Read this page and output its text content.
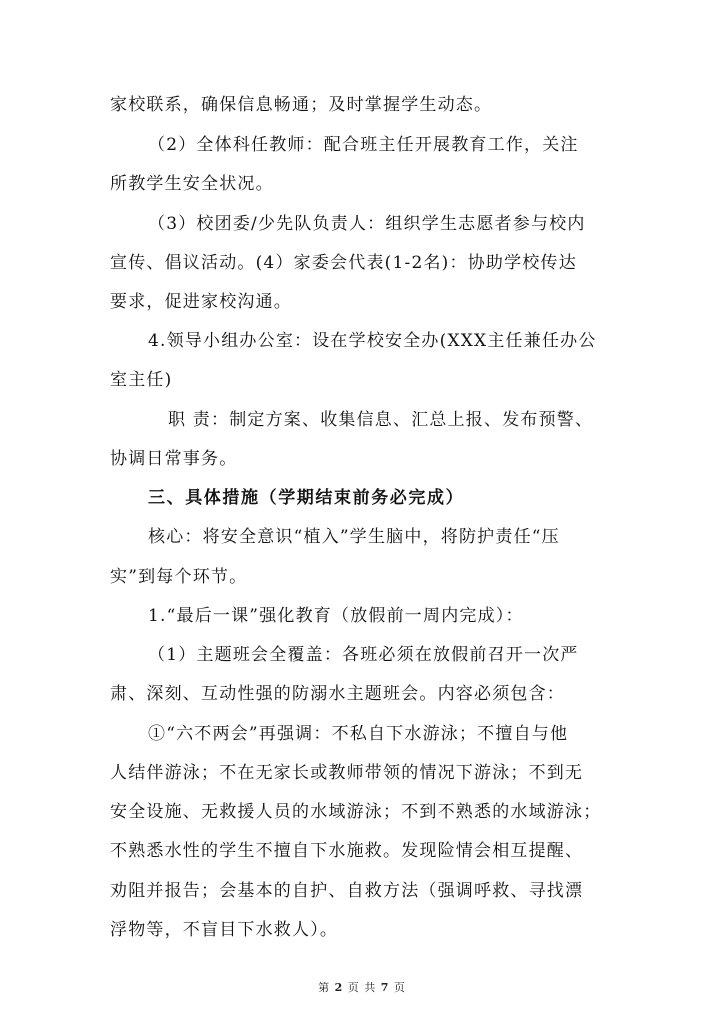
家校联系，确保信息畅通；及时掌握学生动态。
（2）全体科任教师：配合班主任开展教育工作，关注
所教学生安全状况。
（3）校团委/少先队负责人：组织学生志愿者参与校内
宣传、倡议活动。(4）家委会代表(1-2名)：协助学校传达
要求，促进家校沟通。
4.领导小组办公室：设在学校安全办(XXX主任兼任办公
室主任)
职 责：制定方案、收集信息、汇总上报、发布预警、
协调日常事务。
三、具体措施（学期结束前务必完成）
核心：将安全意识“植入”学生脑中，将防护责任“压
实”到每个环节。
1.“最后一课”强化教育（放假前一周内完成）：
（1）主题班会全覆盖：各班必须在放假前召开一次严
肃、深刻、互动性强的防溺水主题班会。内容必须包含：
①“六不两会”再强调：不私自下水游泳；不擅自与他
人结伴游泳；不在无家长或教师带领的情况下游泳；不到无
安全设施、无救援人员的水域游泳；不到不熟悉的水域游泳；
不熟悉水性的学生不擅自下水施救。发现险情会相互提醒、
劝阻并报告；会基本的自护、自救方法（强调呼救、寻找漂
浮物等，不盲目下水救人）。
第 2 页 共 7 页
